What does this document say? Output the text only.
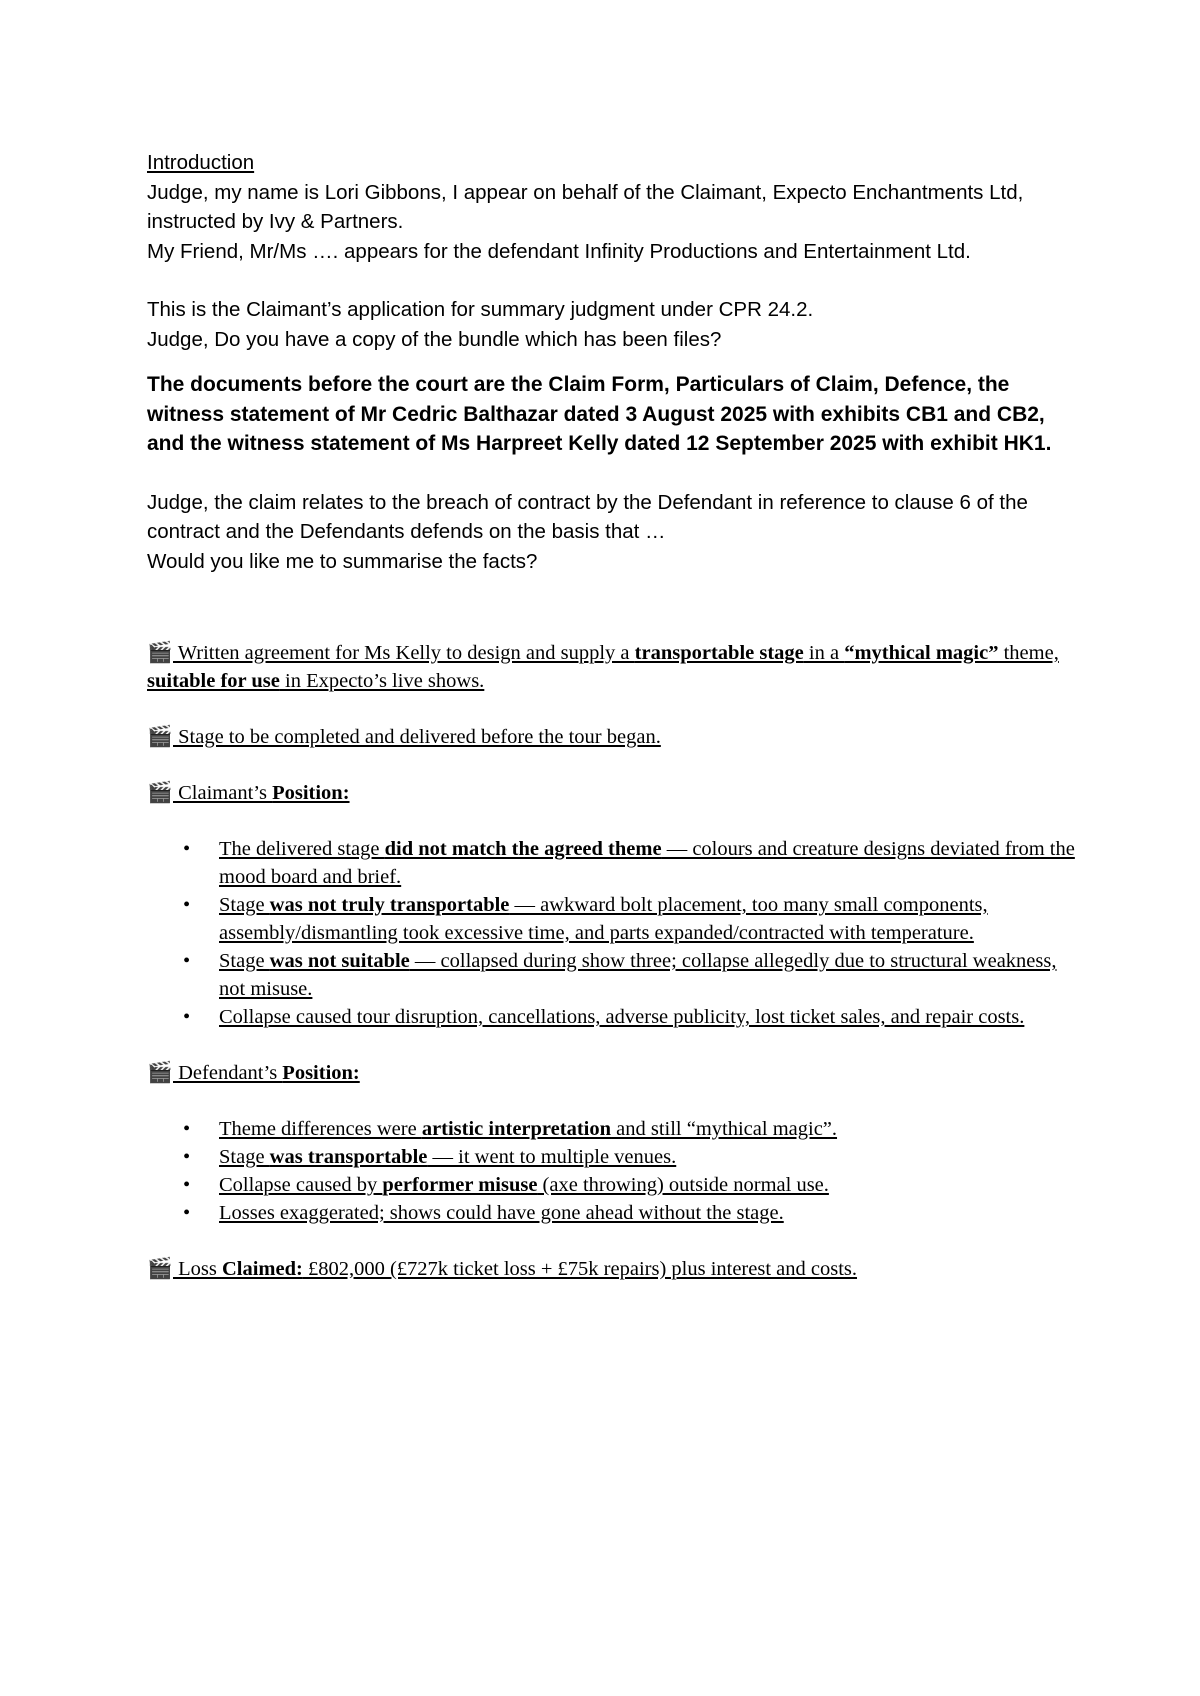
Introduction

Judge, my name is Lori Gibbons, I appear on behalf of the Claimant, Expecto Enchantments Ltd, instructed by Ivy & Partners.

My Friend, Mr/Ms …. appears for the defendant Infinity Productions and Entertainment Ltd.

This is the Claimant’s application for summary judgment under CPR 24.2.

Judge, Do you have a copy of the bundle which has been files?

The documents before the court are the Claim Form, Particulars of Claim, Defence, the witness statement of Mr Cedric Balthazar dated 3 August 2025 with exhibits CB1 and CB2, and the witness statement of Ms Harpreet Kelly dated 12 September 2025 with exhibit HK1.

Judge, the claim relates to the breach of contract by the Defendant in reference to clause 6 of the contract and the Defendants defends on the basis that …

Would you like me to summarise the facts?

🎬 Written agreement for Ms Kelly to design and supply a transportable stage in a “mythical magic” theme, suitable for use in Expecto’s live shows.

🎬 Stage to be completed and delivered before the tour began.

🎬 Claimant’s Position:

• The delivered stage did not match the agreed theme — colours and creature designs deviated from the mood board and brief.
• Stage was not truly transportable — awkward bolt placement, too many small components, assembly/dismantling took excessive time, and parts expanded/contracted with temperature.
• Stage was not suitable — collapsed during show three; collapse allegedly due to structural weakness, not misuse.
• Collapse caused tour disruption, cancellations, adverse publicity, lost ticket sales, and repair costs.

🎬 Defendant’s Position:

• Theme differences were artistic interpretation and still “mythical magic”.
• Stage was transportable — it went to multiple venues.
• Collapse caused by performer misuse (axe throwing) outside normal use.
• Losses exaggerated; shows could have gone ahead without the stage.

🎬 Loss Claimed: £802,000 (£727k ticket loss + £75k repairs) plus interest and costs.
